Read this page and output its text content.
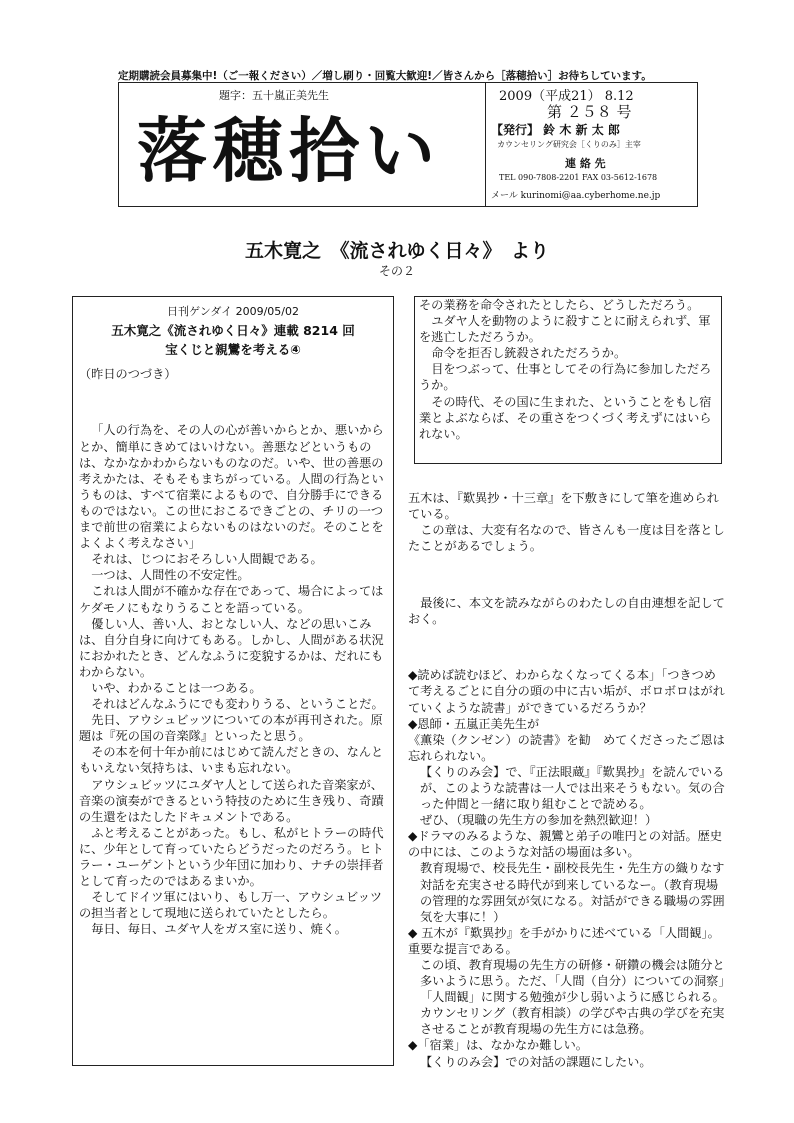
定期購読会員募集中!（ご一報ください）／増し刷り・回覧大歓迎!／皆さんから［落穂拾い］お待ちしています。
題字：五十嵐正美先生
落穂拾い
2009（平成21） 8.12
第 ２５８ 号
【発行】 鈴 木 新 太 郎
カウンセリング研究会［くりのみ］主宰
連 絡 先
TEL 090-7808-2201 FAX 03-5612-1678
メール kurinomi@aa.cyberhome.ne.jp
五木寛之　《流されゆく日々》　より
その２
日刊ゲンダイ 2009/05/02
五木寛之《流されゆく日々》連載 8214 回
宝くじと親鸞を考える④

（昨日のつづき）

「人の行為を、その人の心が善いからとか、悪いからとか、簡単にきめてはいけない。善悪などというものは、なかなかわからないものなのだ。いや、世の善悪の考えかたは、そもそもまちがっている。人間の行為というものは、すべて宿業によるもので、自分勝手にできるものではない。この世におこるできごとの、チリの一つまで前世の宿業によらないものはないのだ。そのことをよくよく考えなさい」

それは、じつにおそろしい人間観である。

一つは、人間性の不安定性。

これは人間が不確かな存在であって、場合によってはケダモノにもなりうることを語っている。

優しい人、善い人、おとなしい人、などの思いこみは、自分自身に向けてもある。しかし、人間がある状況におかれたとき、どんなふうに変貌するかは、だれにもわからない。

いや、わかることは一つある。

それはどんなふうにでも変わりうる、ということだ。

先日、アウシュビッツについての本が再刊された。原題は『死の国の音楽隊』といったと思う。

その本を何十年か前にはじめて読んだときの、なんともいえない気持ちは、いまも忘れない。

アウシュビッツにユダヤ人として送られた音楽家が、音楽の演奏ができるという特技のために生き残り、奇蹟の生還をはたしたドキュメントである。

ふと考えることがあった。もし、私がヒトラーの時代に、少年として育っていたらどうだったのだろう。ヒトラー・ユーゲントという少年団に加わり、ナチの崇拝者として育ったのではあるまいか。

そしてドイツ軍にはいり、もし万一、アウシュビッツの担当者として現地に送られていたとしたら。

毎日、毎日、ユダヤ人をガス室に送り、焼く。

その業務を命令されたとしたら、どうしただろう。

ユダヤ人を動物のように殺すことに耐えられず、軍を逃亡しただろうか。

命令を拒否し銃殺されただろうか。

目をつぶって、仕事としてその行為に参加しただろうか。

その時代、その国に生まれた、ということをもし宿業とよぶならば、その重さをつくづく考えずにはいられない。

五木は、『歎異抄・十三章』を下敷きにして筆を進められている。

この章は、大変有名なので、皆さんも一度は目を落としたことがあるでしょう。

最後に、本文を読みながらのわたしの自由連想を記しておく。

◆読めば読むほど、わからなくなってくる本」「つきつめて考えるごとに自分の頭の中に古い垢が、ボロボロはがれていくような読書」ができているだろうか？

◆恩師・五嵐正美先生が

《薫染（クンゼン）の読書》を勧　めてくださったご恩は忘れられない。

【くりのみ会】で、『正法眼蔵』『歎異抄』を読んでいるが、このような読書は一人では出来そうもない。気の合った仲間と一緒に取り組むことで読める。

ぜひ、（現職の先生方の参加を熱烈歓迎！）

◆ドラマのみるような、親鸞と弟子の唯円との対話。歴史の中には、このような対話の場面は多い。

教育現場で、校長先生・副校長先生・先生方の織りなす対話を充実させる時代が到来しているなー。（教育現場の管理的な雰囲気が気になる。対話ができる職場の雰囲気を大事に！）

◆ 五木が『歎異抄』を手がかりに述べている「人間観」。重要な提言である。

この頃、教育現場の先生方の研修・研鑽の機会は随分と多いように思う。ただ、「人間（自分）についての洞察」「人間観」に関する勉強が少し弱いように感じられる。

カウンセリング（教育相談）の学びや古典の学びを充実させることが教育現場の先生方には急務。

◆「宿業」は、なかなか難しい。

【くりのみ会】での対話の課題にしたい。
